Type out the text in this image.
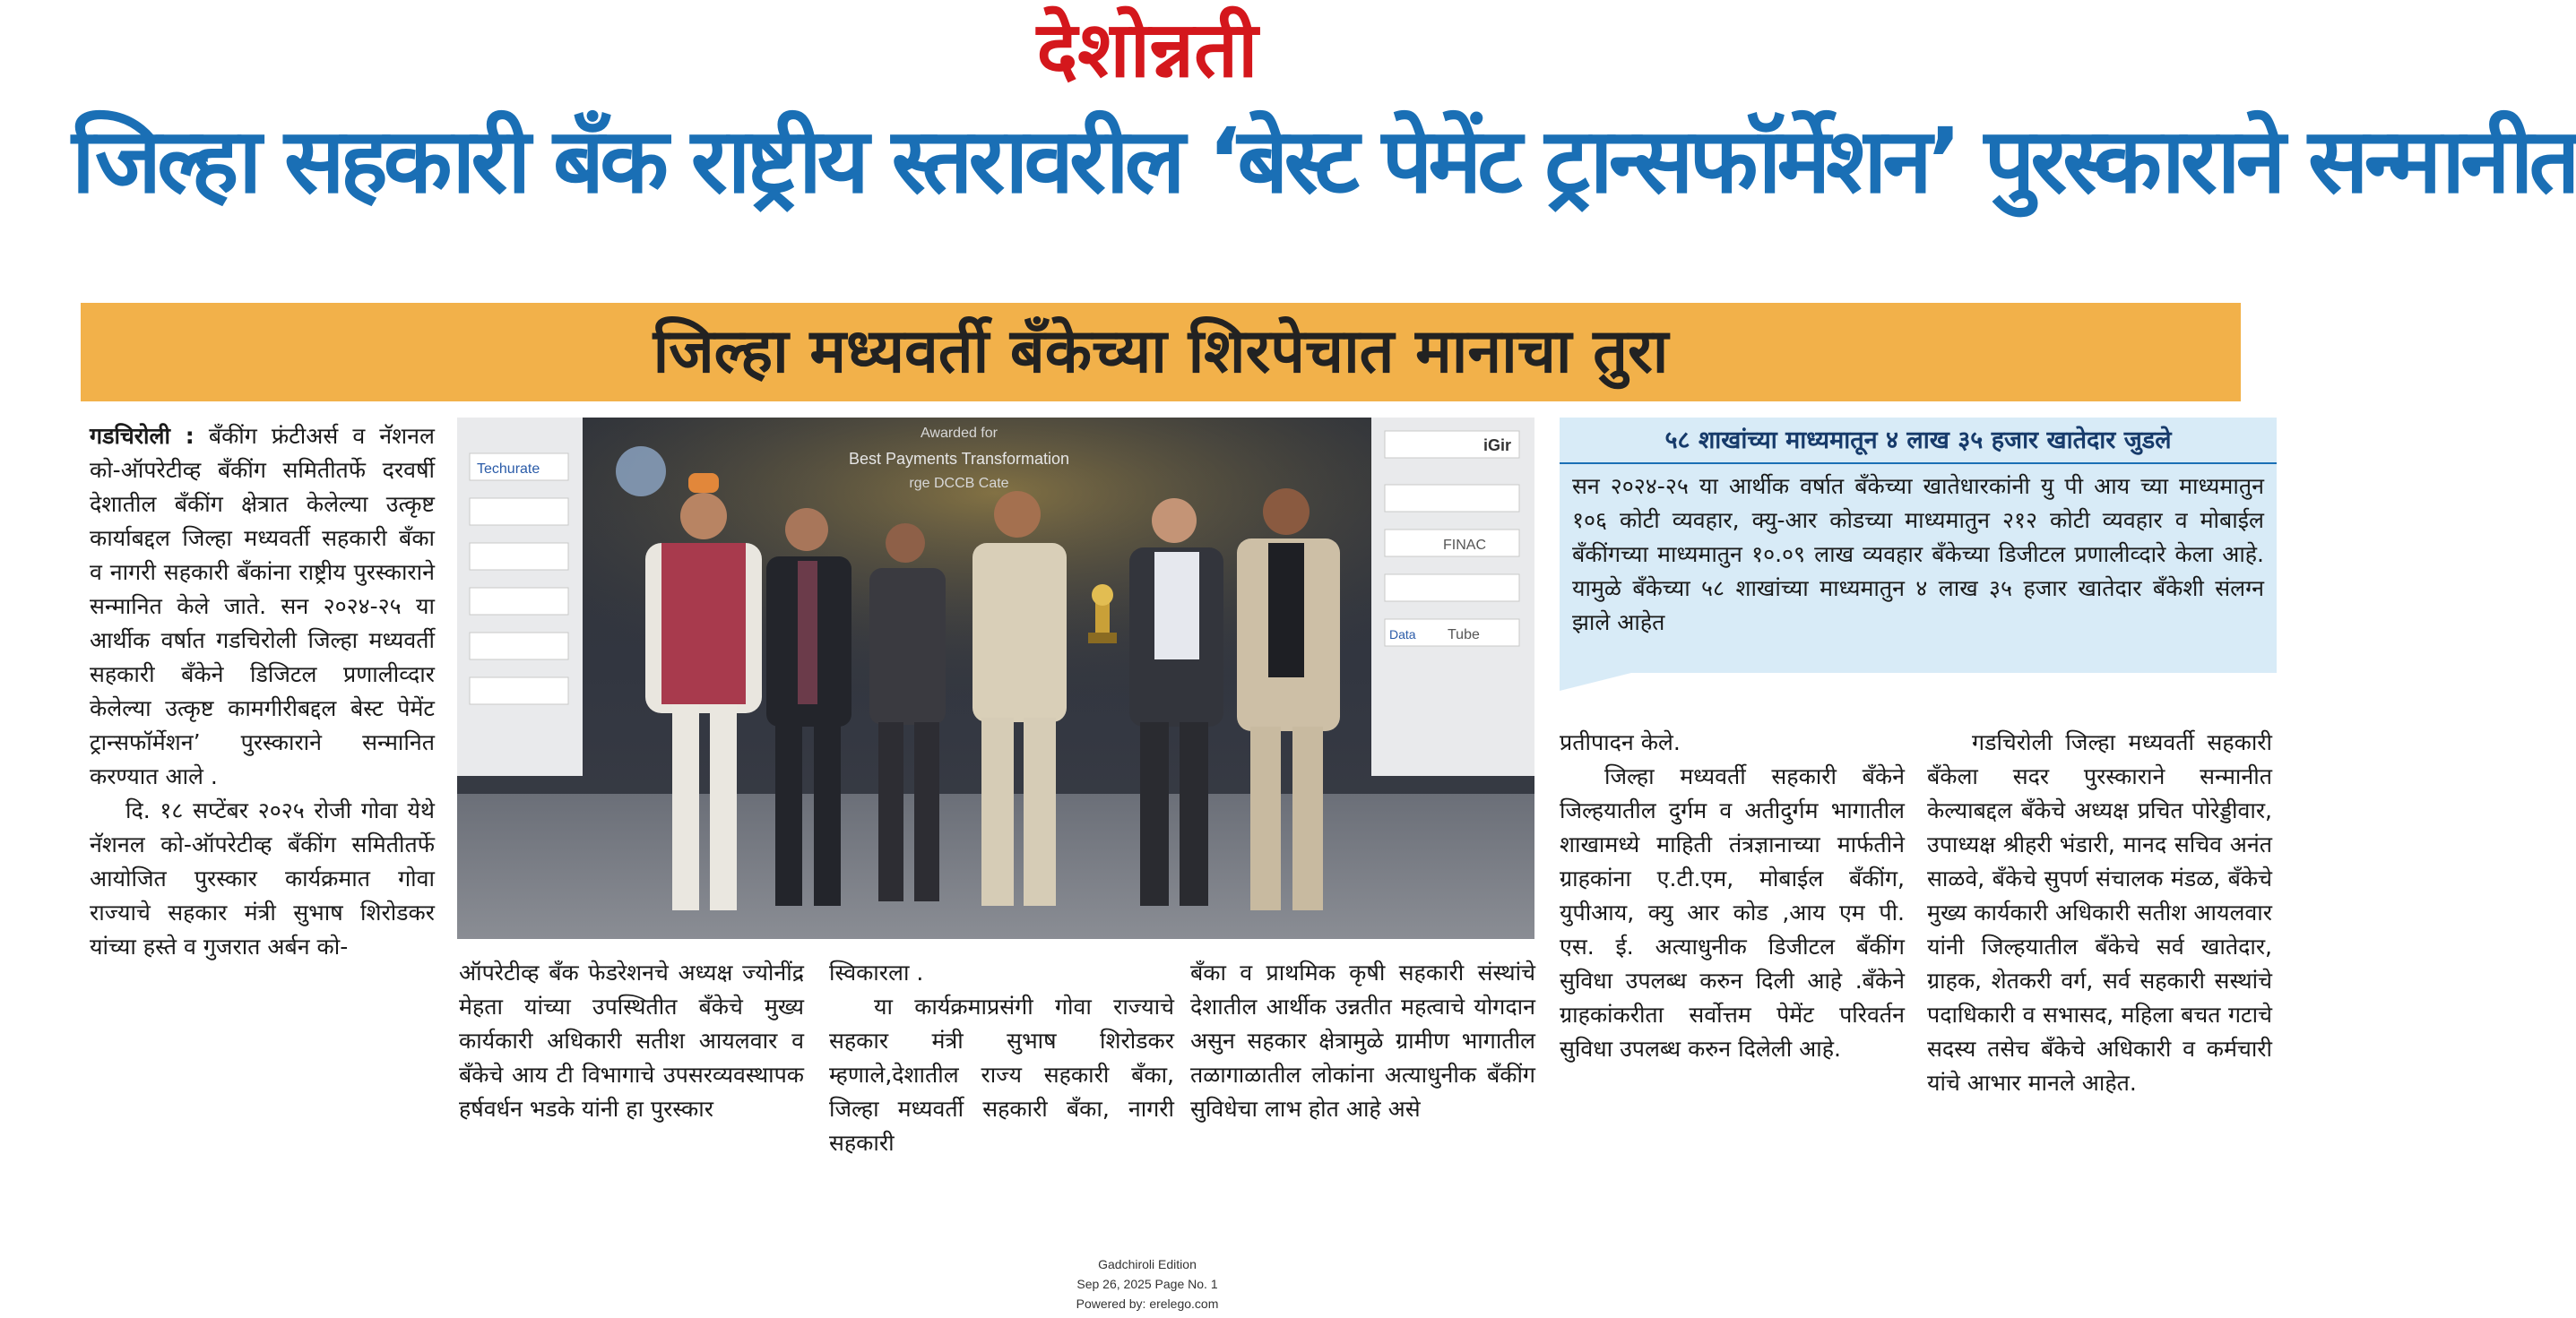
देशोन्नती
जिल्हा सहकारी बँक राष्ट्रीय स्तरावरील ‘बेस्ट पेमेंट ट्रान्सफॉर्मेशन’ पुरस्काराने सन्मानीत
जिल्हा मध्यवर्ती बँकेच्या शिरपेचात मानाचा तुरा

गडचिरोली : बँकींग फ्रंटीअर्स व नॅशनल को-ऑपरेटीव्ह बँकींग समितीतर्फे दरवर्षी देशातील बँकींग क्षेत्रात केलेल्या उत्कृष्ट कार्याबद्दल जिल्हा मध्यवर्ती सहकारी बँका व नागरी सहकारी बँकांना राष्ट्रीय पुरस्काराने सन्मानित केले जाते. सन २०२४-२५ या आर्थीक वर्षात गडचिरोली जिल्हा मध्यवर्ती सहकारी बँकेने डिजिटल प्रणालीव्दार केलेल्या उत्कृष्ट कामगीरीबद्दल बेस्ट पेमेंट ट्रान्सफॉर्मेशन’ पुरस्काराने सन्मानित करण्यात आले .

दि. १८ सप्टेंबर २०२५ रोजी गोवा येथे नॅशनल को-ऑपरेटीव्ह बँकींग समितीतर्फे आयोजित पुरस्कार कार्यक्रमात गोवा राज्याचे सहकार मंत्री सुभाष शिरोडकर यांच्या हस्ते व गुजरात अर्बन को-

Techurate
iGir
FINAC
Tube
Data
Awarded for
Best Payments Transformation
rge DCCB Cate

ऑपरेटीव्ह बँक फेडरेशनचे अध्यक्ष ज्योनींद्र मेहता यांच्या उपस्थितीत बँकेचे मुख्य कार्यकारी अधिकारी सतीश आयलवार व बँकेचे आय टी विभागाचे उपसरव्यवस्थापक हर्षवर्धन भडके यांनी हा पुरस्कार

स्विकारला .

या कार्यक्रमाप्रसंगी गोवा राज्याचे सहकार मंत्री सुभाष शिरोडकर म्हणाले,देशातील राज्य सहकारी बँका, जिल्हा मध्यवर्ती सहकारी बँका, नागरी सहकारी

बँका व प्राथमिक कृषी सहकारी संस्थांचे देशातील आर्थीक उन्नतीत महत्वाचे योगदान असुन सहकार क्षेत्रामुळे ग्रामीण भागातील तळागाळातील लोकांना अत्याधुनीक बँकींग सुविधेचा लाभ होत आहे असे

५८ शाखांच्या माध्यमातून ४ लाख ३५ हजार खातेदार जुडले
सन २०२४-२५ या आर्थीक वर्षात बँकेच्या खातेधारकांनी यु पी आय च्या माध्यमातुन १०६ कोटी व्यवहार, क्यु-आर कोडच्या माध्यमातुन २१२ कोटी व्यवहार व मोबाईल बँकींगच्या माध्यमातुन १०.०९ लाख व्यवहार बँकेच्या डिजीटल प्रणालीव्दारे केला आहे. यामुळे बँकेच्या ५८ शाखांच्या माध्यमातुन ४ लाख ३५ हजार खातेदार बँकेशी संलग्न झाले आहेत

प्रतीपादन केले.

जिल्हा मध्यवर्ती सहकारी बँकेने जिल्हयातील दुर्गम व अतीदुर्गम भागातील शाखामध्ये माहिती तंत्रज्ञानाच्या मार्फतीने ग्राहकांना ए.टी.एम, मोबाईल बँकींग, युपीआय, क्यु आर कोड ,आय एम पी. एस. ई. अत्याधुनीक डिजीटल बँकींग सुविधा उपलब्ध करुन दिली आहे .बँकेने ग्राहकांकरीता सर्वोत्तम पेमेंट परिवर्तन सुविधा उपलब्ध करुन दिलेली आहे.

गडचिरोली जिल्हा मध्यवर्ती सहकारी बँकेला सदर पुरस्काराने सन्मानीत केल्याबद्दल बँकेचे अध्यक्ष प्रचित पोरेड्डीवार, उपाध्यक्ष श्रीहरी भंडारी, मानद सचिव अनंत साळवे, बँकेचे सुपर्ण संचालक मंडळ, बँकेचे मुख्य कार्यकारी अधिकारी सतीश आयलवार यांनी जिल्हयातील बँकेचे सर्व खातेदार, ग्राहक, शेतकरी वर्ग, सर्व सहकारी सस्थांचे पदाधिकारी व सभासद, महिला बचत गटाचे सदस्य तसेच बँकेचे अधिकारी व कर्मचारी यांचे आभार मानले आहेत.

Gadchiroli Edition
Sep 26, 2025 Page No. 1
Powered by: erelego.com
